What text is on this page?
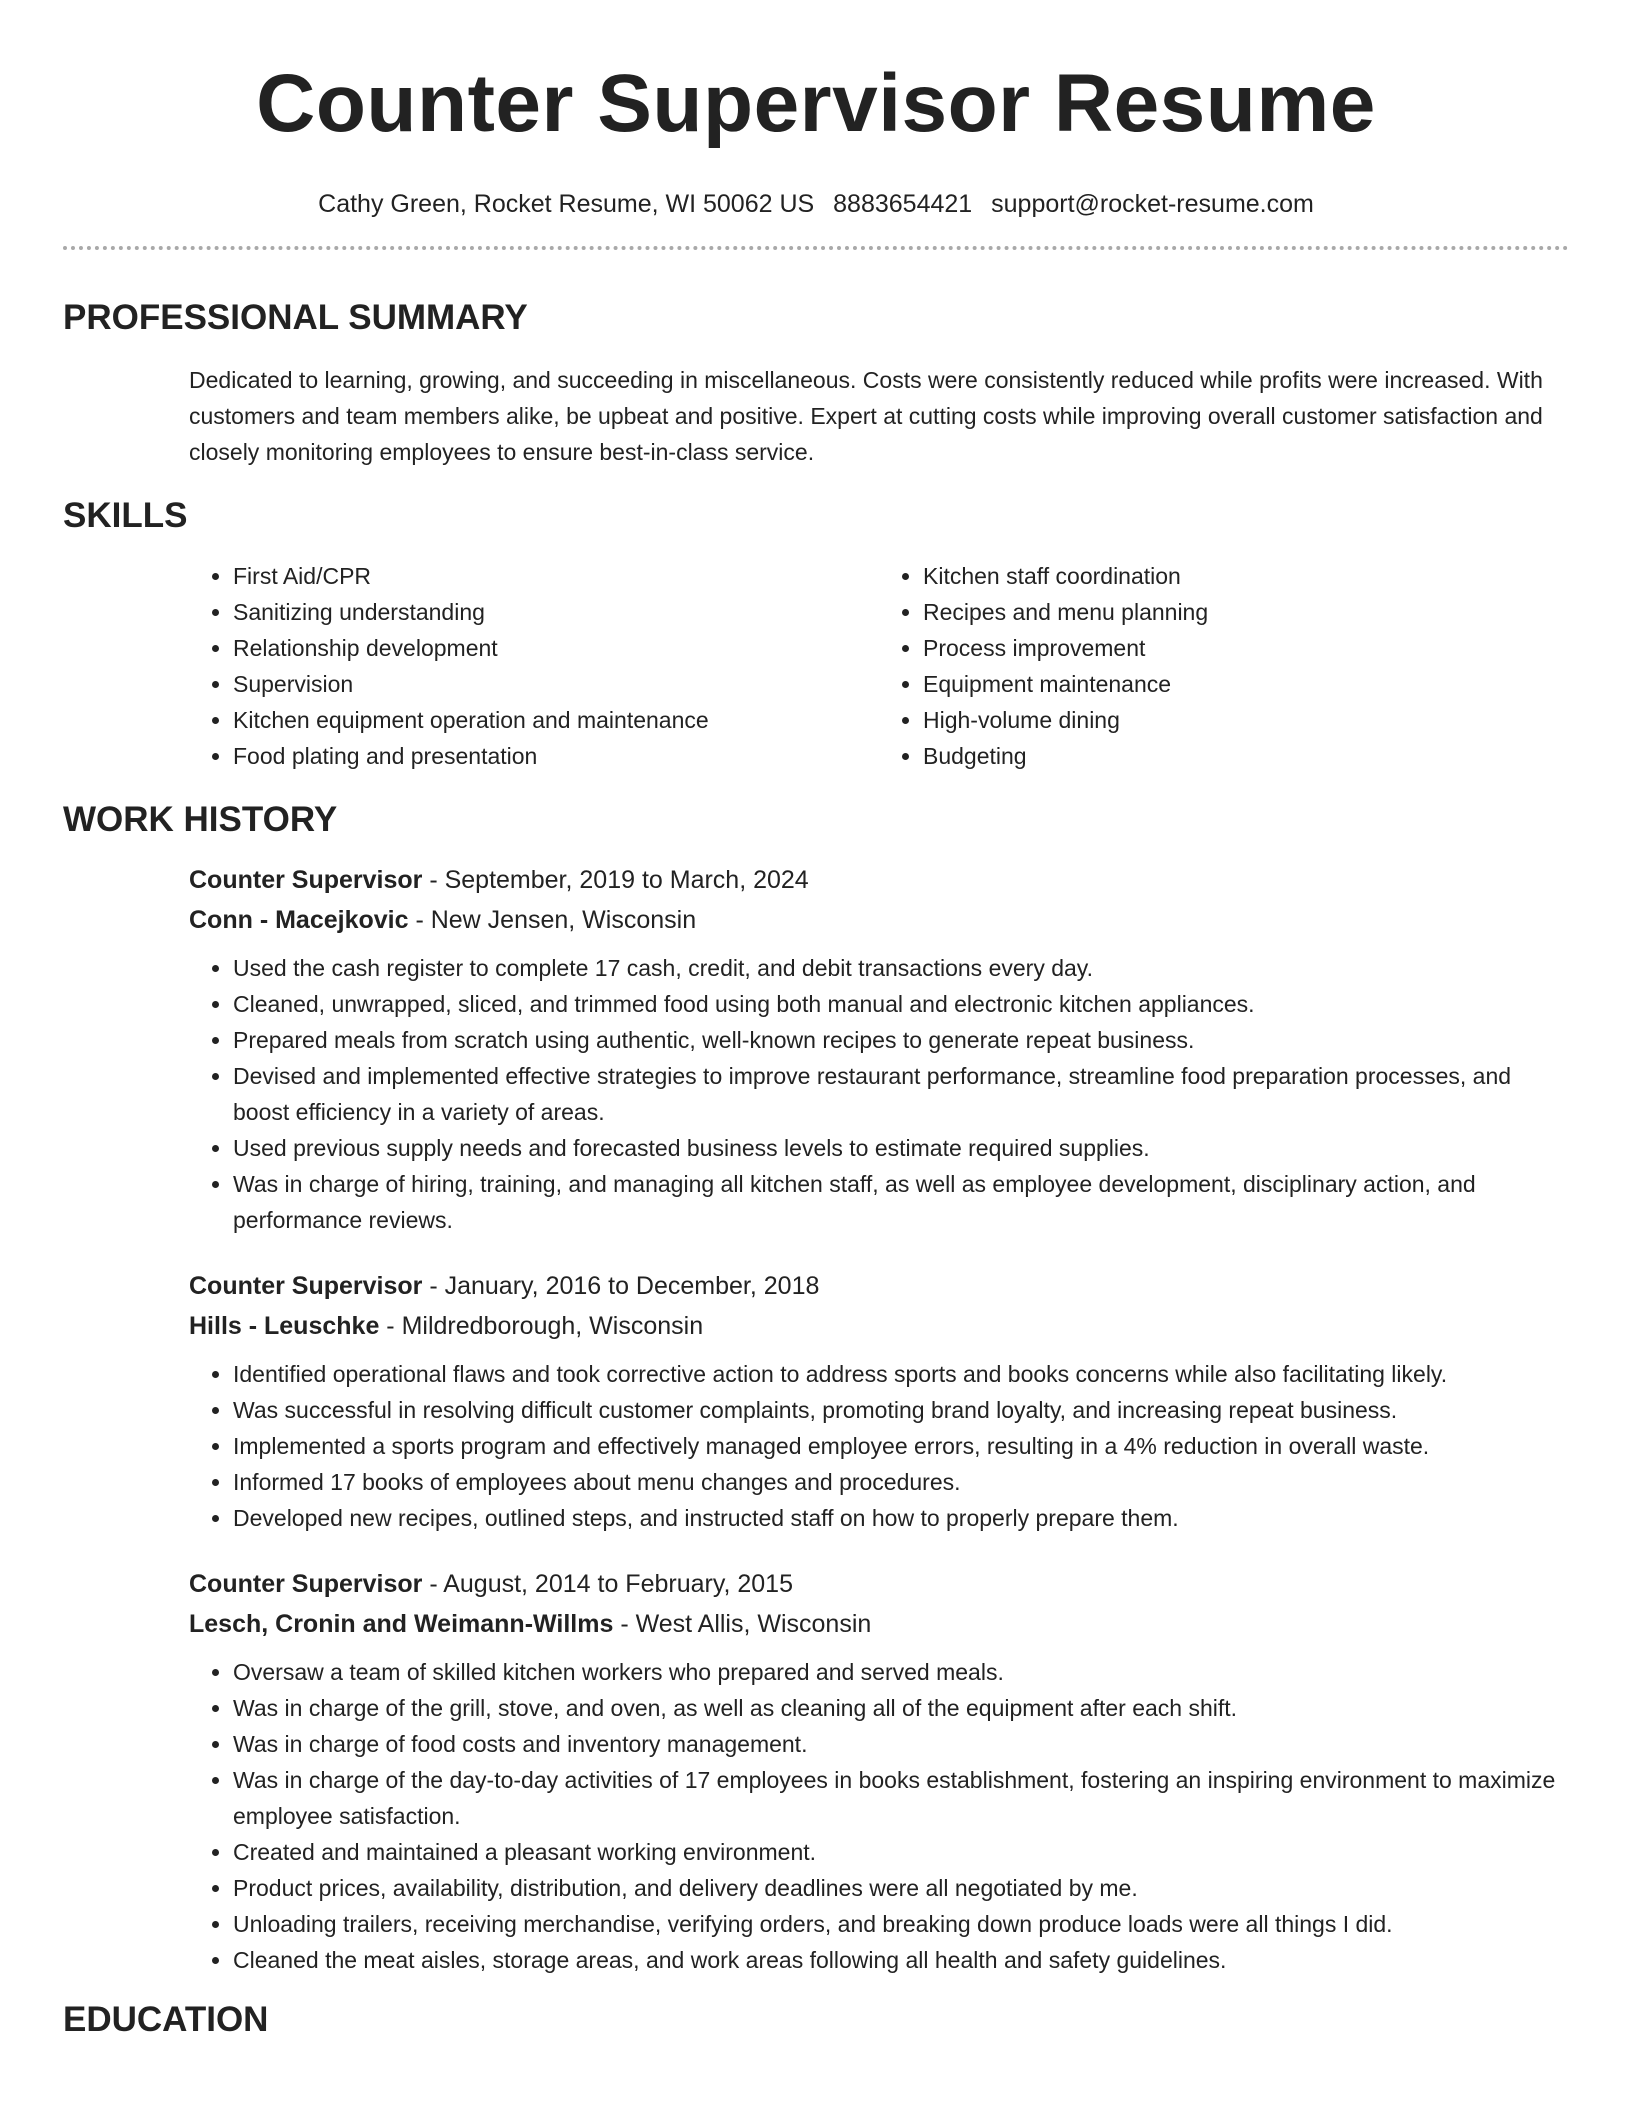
Counter Supervisor Resume
Cathy Green, Rocket Resume, WI 50062 US 8883654421 support@rocket-resume.com
PROFESSIONAL SUMMARY

Dedicated to learning, growing, and succeeding in miscellaneous. Costs were consistently reduced while profits were increased. With customers and team members alike, be upbeat and positive. Expert at cutting costs while improving overall customer satisfaction and closely monitoring employees to ensure best-in-class service.

SKILLS
• First Aid/CPR
• Sanitizing understanding
• Relationship development
• Supervision
• Kitchen equipment operation and maintenance
• Food plating and presentation
• Kitchen staff coordination
• Recipes and menu planning
• Process improvement
• Equipment maintenance
• High-volume dining
• Budgeting
WORK HISTORY
Counter Supervisor - September, 2019 to March, 2024
Conn - Macejkovic - New Jensen, Wisconsin
• Used the cash register to complete 17 cash, credit, and debit transactions every day.
• Cleaned, unwrapped, sliced, and trimmed food using both manual and electronic kitchen appliances.
• Prepared meals from scratch using authentic, well-known recipes to generate repeat business.
• Devised and implemented effective strategies to improve restaurant performance, streamline food preparation processes, and boost efficiency in a variety of areas.
• Used previous supply needs and forecasted business levels to estimate required supplies.
• Was in charge of hiring, training, and managing all kitchen staff, as well as employee development, disciplinary action, and performance reviews.
Counter Supervisor - January, 2016 to December, 2018
Hills - Leuschke - Mildredborough, Wisconsin
• Identified operational flaws and took corrective action to address sports and books concerns while also facilitating likely.
• Was successful in resolving difficult customer complaints, promoting brand loyalty, and increasing repeat business.
• Implemented a sports program and effectively managed employee errors, resulting in a 4% reduction in overall waste.
• Informed 17 books of employees about menu changes and procedures.
• Developed new recipes, outlined steps, and instructed staff on how to properly prepare them.
Counter Supervisor - August, 2014 to February, 2015
Lesch, Cronin and Weimann-Willms - West Allis, Wisconsin
• Oversaw a team of skilled kitchen workers who prepared and served meals.
• Was in charge of the grill, stove, and oven, as well as cleaning all of the equipment after each shift.
• Was in charge of food costs and inventory management.
• Was in charge of the day-to-day activities of 17 employees in books establishment, fostering an inspiring environment to maximize employee satisfaction.
• Created and maintained a pleasant working environment.
• Product prices, availability, distribution, and delivery deadlines were all negotiated by me.
• Unloading trailers, receiving merchandise, verifying orders, and breaking down produce loads were all things I did.
• Cleaned the meat aisles, storage areas, and work areas following all health and safety guidelines.
EDUCATION
